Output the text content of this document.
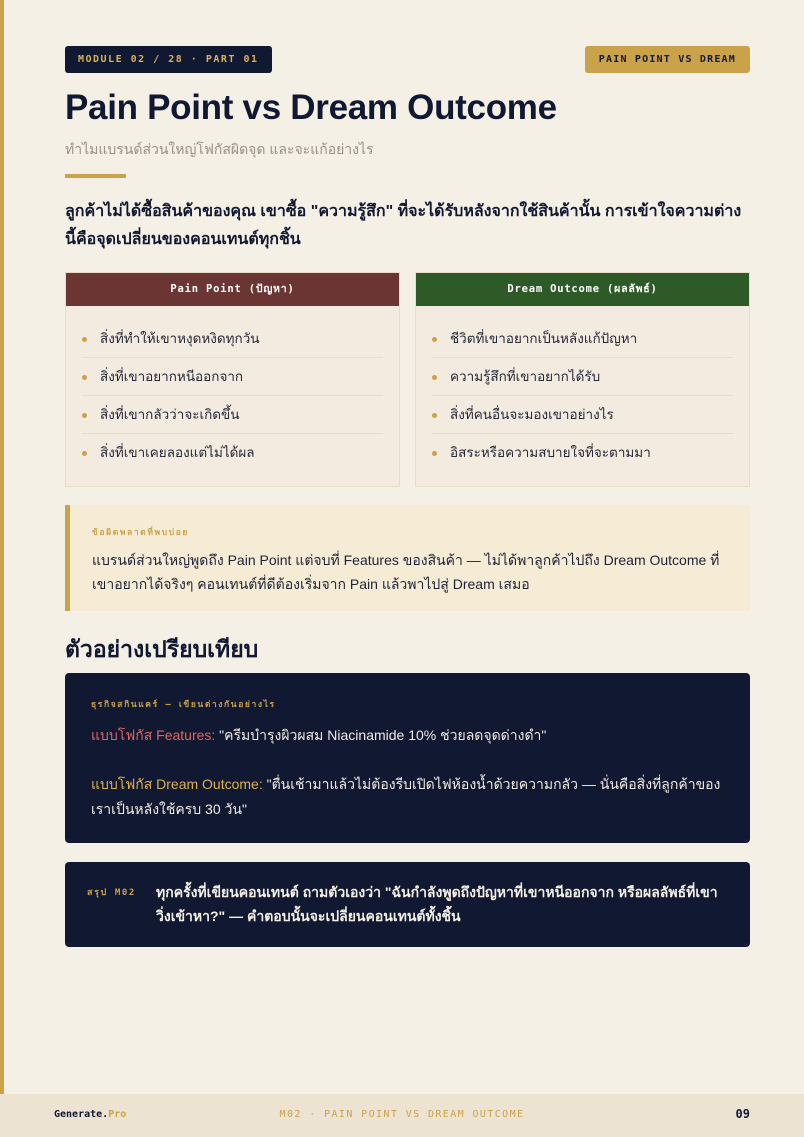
MODULE 02 / 28 · PART 01	PAIN POINT VS DREAM
Pain Point vs Dream Outcome
ทำไมแบรนด์ส่วนใหญ่โฟกัสผิดจุด และจะแก้อย่างไร

ลูกค้าไม่ได้ซื้อสินค้าของคุณ เขาซื้อ "ความรู้สึก" ที่จะได้รับหลังจากใช้สินค้านั้น การเข้าใจความต่างนี้คือจุดเปลี่ยนของคอนเทนต์ทุกชิ้น

Pain Point (ปัญหา)
สิ่งที่ทำให้เขาหงุดหงิดทุกวัน
สิ่งที่เขาอยากหนีออกจาก
สิ่งที่เขากลัวว่าจะเกิดขึ้น
สิ่งที่เขาเคยลองแต่ไม่ได้ผล
Dream Outcome (ผลลัพธ์)
ชีวิตที่เขาอยากเป็นหลังแก้ปัญหา
ความรู้สึกที่เขาอยากได้รับ
สิ่งที่คนอื่นจะมองเขาอย่างไร
อิสระหรือความสบายใจที่จะตามมา
ข้อผิดพลาดที่พบบ่อย

แบรนด์ส่วนใหญ่พูดถึง Pain Point แต่จบที่ Features ของสินค้า — ไม่ได้พาลูกค้าไปถึง Dream Outcome ที่เขาอยากได้จริงๆ คอนเทนต์ที่ดีต้องเริ่มจาก Pain แล้วพาไปสู่ Dream เสมอ

ตัวอย่างเปรียบเทียบ
ธุรกิจสกินแคร์ — เขียนต่างกันอย่างไร

แบบโฟกัส Features: "ครีมบำรุงผิวผสม Niacinamide 10% ช่วยลดจุดด่างดำ"

แบบโฟกัส Dream Outcome: "ตื่นเช้ามาแล้วไม่ต้องรีบเปิดไฟห้องน้ำด้วยความกลัว — นั่นคือสิ่งที่ลูกค้าของเราเป็นหลังใช้ครบ 30 วัน"

สรุป M02 ทุกครั้งที่เขียนคอนเทนต์ ถามตัวเองว่า "ฉันกำลังพูดถึงปัญหาที่เขาหนีออกจาก หรือผลลัพธ์ที่เขาวิ่งเข้าหา?" — คำตอบนั้นจะเปลี่ยนคอนเทนต์ทั้งชิ้น

Generate.Pro	M02 · PAIN POINT VS DREAM OUTCOME	09
